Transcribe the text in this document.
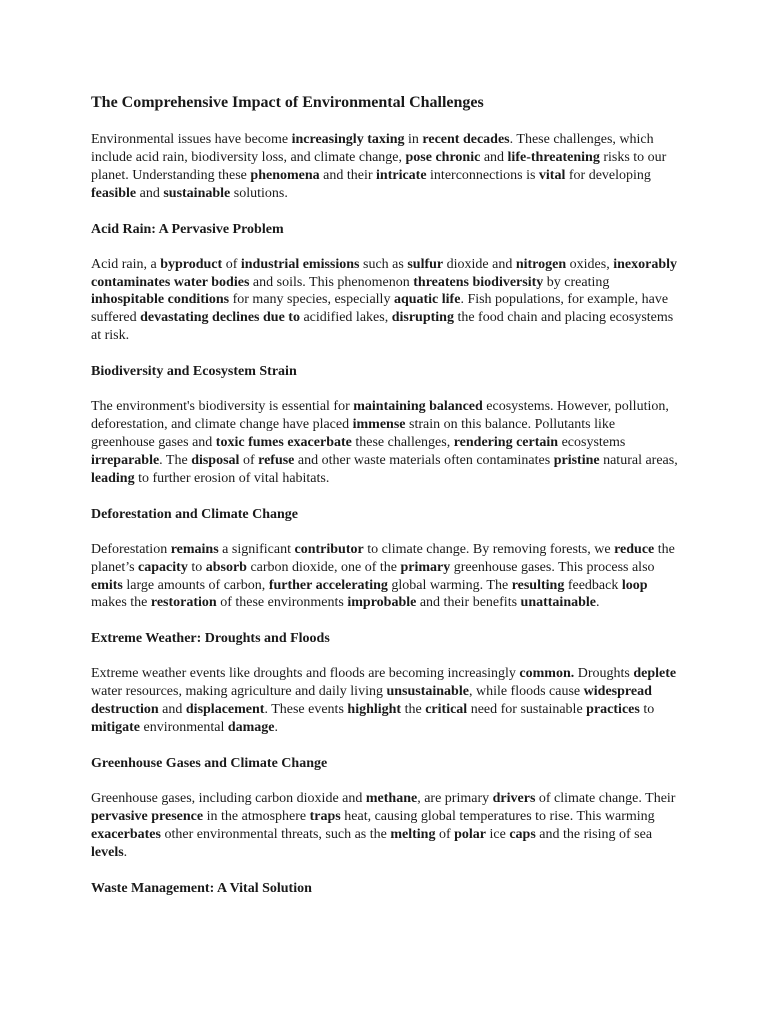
The Comprehensive Impact of Environmental Challenges
Environmental issues have become increasingly taxing in recent decades. These challenges, which include acid rain, biodiversity loss, and climate change, pose chronic and life-threatening risks to our planet. Understanding these phenomena and their intricate interconnections is vital for developing feasible and sustainable solutions.
Acid Rain: A Pervasive Problem
Acid rain, a byproduct of industrial emissions such as sulfur dioxide and nitrogen oxides, inexorably contaminates water bodies and soils. This phenomenon threatens biodiversity by creating inhospitable conditions for many species, especially aquatic life. Fish populations, for example, have suffered devastating declines due to acidified lakes, disrupting the food chain and placing ecosystems at risk.
Biodiversity and Ecosystem Strain
The environment's biodiversity is essential for maintaining balanced ecosystems. However, pollution, deforestation, and climate change have placed immense strain on this balance. Pollutants like greenhouse gases and toxic fumes exacerbate these challenges, rendering certain ecosystems irreparable. The disposal of refuse and other waste materials often contaminates pristine natural areas, leading to further erosion of vital habitats.
Deforestation and Climate Change
Deforestation remains a significant contributor to climate change. By removing forests, we reduce the planet’s capacity to absorb carbon dioxide, one of the primary greenhouse gases. This process also emits large amounts of carbon, further accelerating global warming. The resulting feedback loop makes the restoration of these environments improbable and their benefits unattainable.
Extreme Weather: Droughts and Floods
Extreme weather events like droughts and floods are becoming increasingly common. Droughts deplete water resources, making agriculture and daily living unsustainable, while floods cause widespread destruction and displacement. These events highlight the critical need for sustainable practices to mitigate environmental damage.
Greenhouse Gases and Climate Change
Greenhouse gases, including carbon dioxide and methane, are primary drivers of climate change. Their pervasive presence in the atmosphere traps heat, causing global temperatures to rise. This warming exacerbates other environmental threats, such as the melting of polar ice caps and the rising of sea levels.
Waste Management: A Vital Solution
